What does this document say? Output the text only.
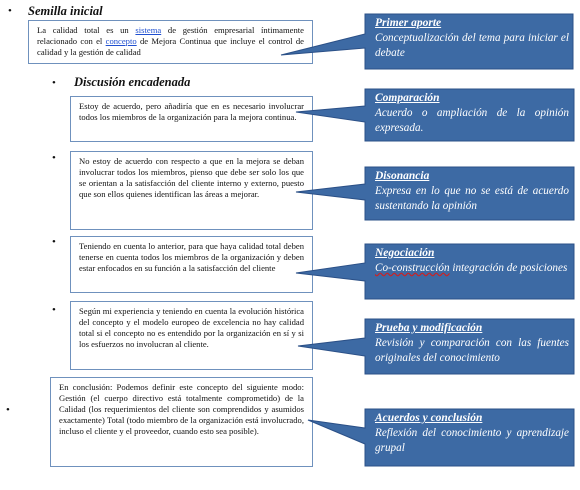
• Semilla inicial
• Discusión encadenada
•
•
•
•
La calidad total es un sistema de gestión empresarial íntimamente relacionado con el concepto de Mejora Continua que incluye el control de calidad y la gestión de calidad
Estoy de acuerdo, pero añadiría que en es necesario involucrar todos los miembros de la organización para la mejora continua.
No estoy de acuerdo con respecto a que en la mejora se deban involucrar todos los miembros, pienso que debe ser solo los que se orientan a la satisfacción del cliente interno y externo, puesto que son ellos quienes identifican las áreas a mejorar.
Teniendo en cuenta lo anterior, para que haya calidad total deben tenerse en cuenta todos los miembros de la organización y deben estar enfocados en su función a la satisfacción del cliente
Según mi experiencia y teniendo en cuenta la evolución histórica del concepto y el modelo europeo de excelencia no hay calidad total si el concepto no es entendido por la organización en sí y si los esfuerzos no involucran al cliente.
En conclusión: Podemos definir este concepto del siguiente modo: Gestión (el cuerpo directivo está totalmente comprometido) de la Calidad (los requerimientos del cliente son comprendidos y asumidos exactamente) Total (todo miembro de la organización está involucrado, incluso el cliente y el proveedor, cuando esto sea posible).
Primer aporte
Conceptualización del tema para iniciar el debate
Comparación
Acuerdo o ampliación de la opinión expresada.
Disonancia
Expresa en lo que no se está de acuerdo sustentando la opinión
Negociación
Co-construcción integración de posiciones
Prueba y modificación
Revisión y comparación con las fuentes originales del conocimiento
Acuerdos y conclusión
Reflexión del conocimiento y aprendizaje grupal
